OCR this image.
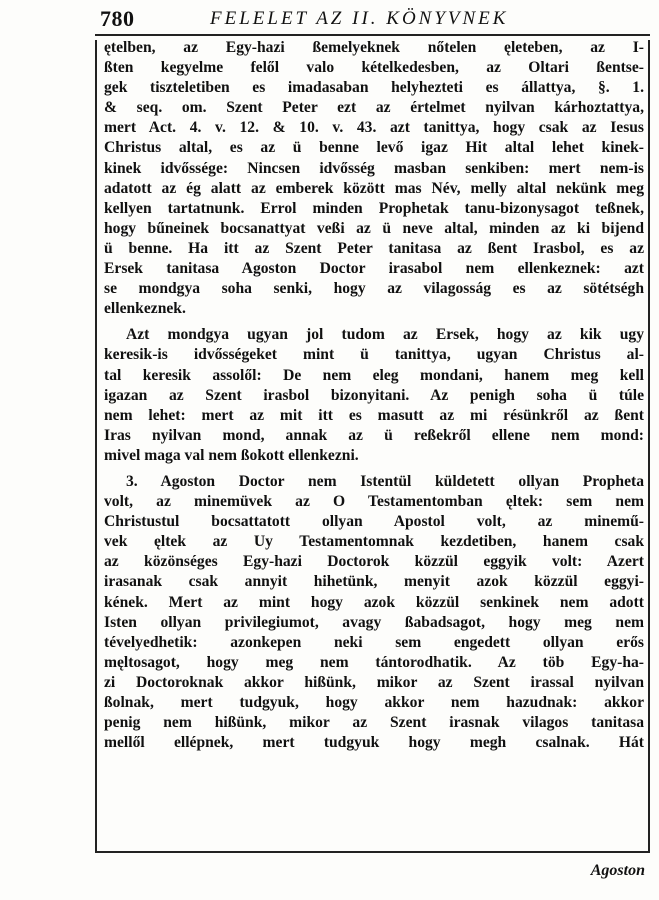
780	FELELET AZ II. KÖNYVNEK
ętelben, az Egy-hazi ßemelyeknek nőtelen ęleteben, az I-
ßten kegyelme felől valo kételkedesben, az Oltari ßentse-
gek tiszteletiben es imadasaban helyhezteti es állattya, §. 1.
& seq. om. Szent Peter ezt az értelmet nyilvan kárhoztattya,
mert Act. 4. v. 12. & 10. v. 43. azt tanittya, hogy csak az Iesus
Christus altal, es az ü benne levő igaz Hit altal lehet kinek-
kinek idvőssége: Nincsen idvősség masban senkiben: mert nem-is
adatott az ég alatt az emberek között mas Név, melly altal nekünk meg
kellyen tartatnunk. Errol minden Prophetak tanu-bizonysagot teßnek,
hogy bűneinek bocsanattyat veßi az ü neve altal, minden az ki bijend
ü benne. Ha itt az Szent Peter tanitasa az ßent Irasbol, es az
Ersek tanitasa Agoston Doctor irasabol nem ellenkeznek: azt
se mondgya soha senki, hogy az vilagosság es az sötétségh
ellenkeznek.
Azt mondgya ugyan jol tudom az Ersek, hogy az kik ugy
keresik-is idvősségeket mint ü tanittya, ugyan Christus al-
tal keresik assolől: De nem eleg mondani, hanem meg kell
igazan az Szent irasbol bizonyitani. Az penigh soha ü túle
nem lehet: mert az mit itt es masutt az mi résünkről az ßent
Iras nyilvan mond, annak az ü reßekről ellene nem mond:
mivel maga val nem ßokott ellenkezni.
3. Agoston Doctor nem Istentül küldetett ollyan Propheta
volt, az minemüvek az O Testamentomban ęltek: sem nem
Christustul bocsattatott ollyan Apostol volt, az minemű-
vek ęltek az Uy Testamentomnak kezdetiben, hanem csak
az közönséges Egy-hazi Doctorok közzül eggyik volt: Azert
irasanak csak annyit hihetünk, menyit azok közzül eggyi-
kének. Mert az mint hogy azok közzül senkinek nem adott
Isten ollyan privilegiumot, avagy ßabadsagot, hogy meg nem
tévelyedhetik: azonkepen neki sem engedett ollyan erős
męltosagot, hogy meg nem tántorodhatik. Az töb Egy-ha-
zi Doctoroknak akkor hißünk, mikor az Szent irassal nyilvan
ßolnak, mert tudgyuk, hogy akkor nem hazudnak: akkor
penig nem hißünk, mikor az Szent irasnak vilagos tanitasa
mellől ellépnek, mert tudgyuk hogy megh csalnak. Hát
Agoston
